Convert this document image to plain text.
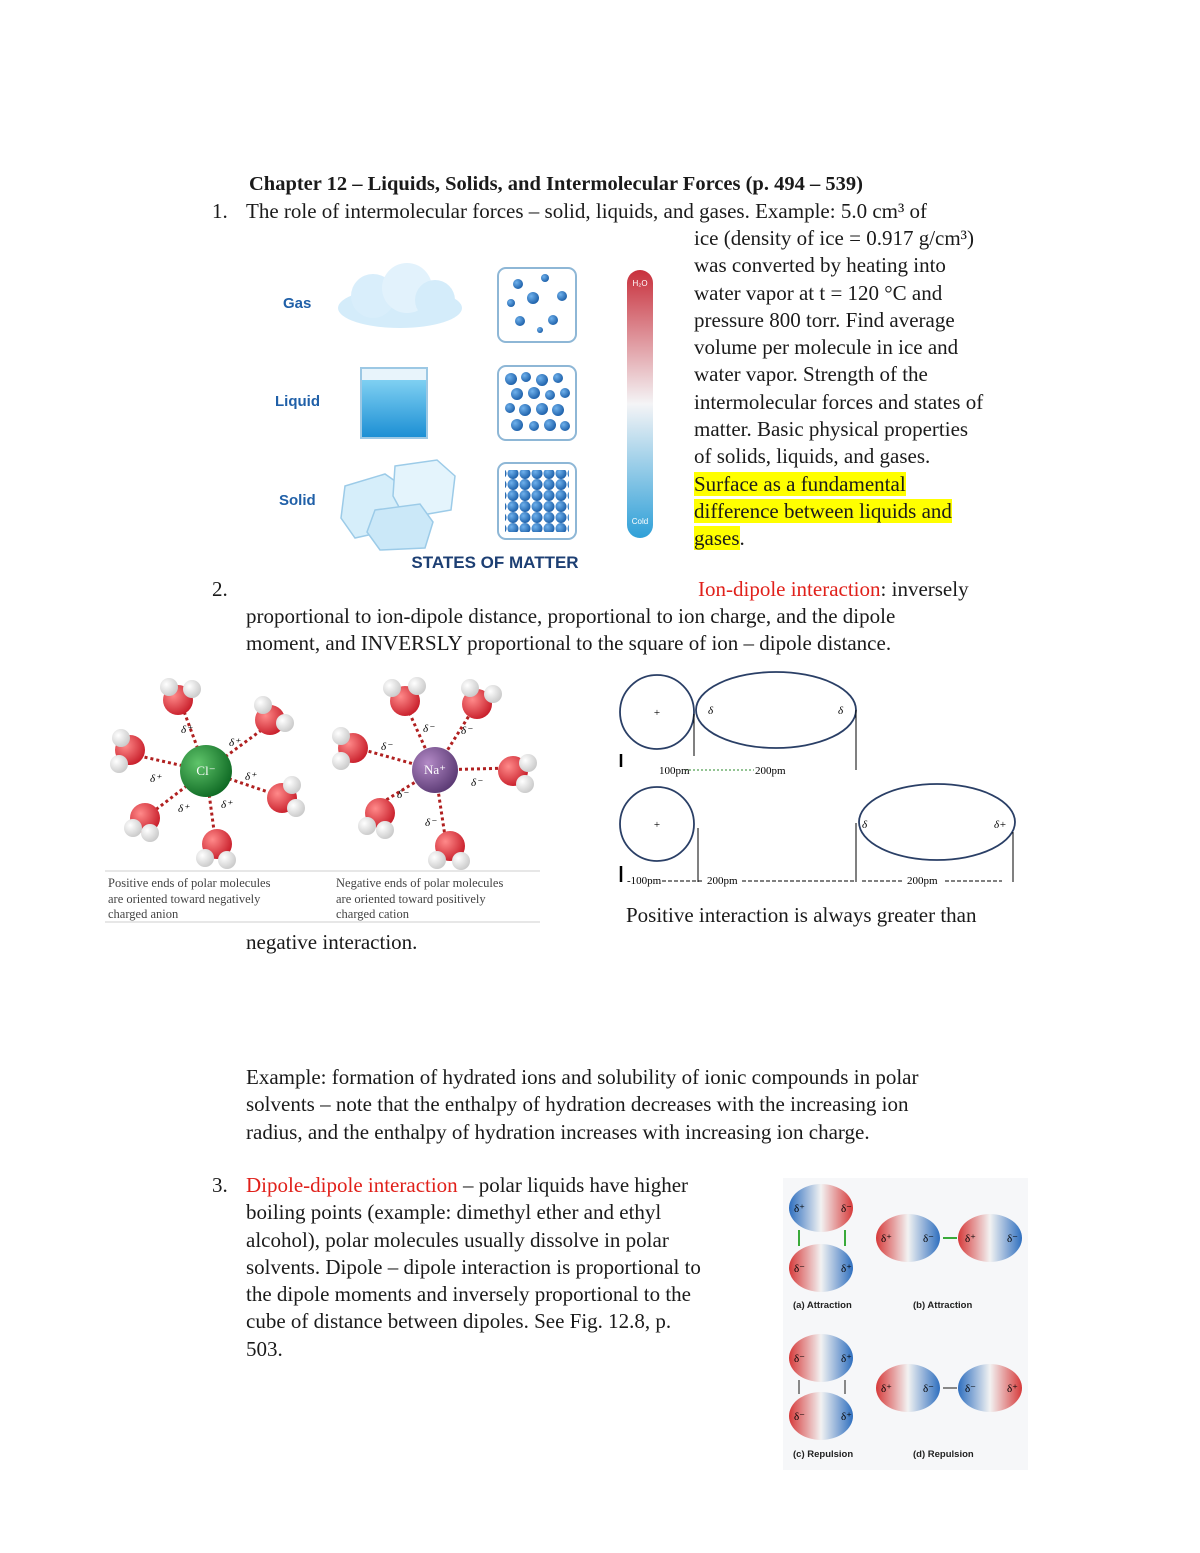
Chapter 12 – Liquids, Solids, and Intermolecular Forces (p. 494 – 539)
1. The role of intermolecular forces – solid, liquids, and gases. Example: 5.0 cm³ of
ice (density of ice = 0.917 g/cm³)
was converted by heating into
water vapor at t = 120 °C and
pressure 800 torr. Find average
volume per molecule in ice and
water vapor. Strength of the
intermolecular forces and states of
matter. Basic physical properties
of solids, liquids, and gases.
Surface as a fundamental
difference between liquids and
gases.
Gas
Liquid
Solid
H₂O
Cold
STATES OF MATTER
2.	Ion-dipole interaction: inversely
proportional to ion-dipole distance, proportional to ion charge, and the dipole
moment, and INVERSLY proportional to the square of ion – dipole distance.
Cl⁻
δ⁺
δ⁺
δ⁺	δ⁺
δ⁺	δ⁺
Na⁺
δ⁻ δ⁻
δ⁻
δ⁻
δ⁻
δ⁻
Positive ends of polar molecules
are oriented toward negatively
charged anion
Negative ends of polar molecules
are oriented toward positively
charged cation
+	δ	δ
100pm	200pm
+	δ	δ+
-100pm	200pm	200pm
Positive interaction is always greater than
negative interaction.
Example: formation of hydrated ions and solubility of ionic compounds in polar
solvents – note that the enthalpy of hydration decreases with the increasing ion
radius, and the enthalpy of hydration increases with increasing ion charge.
3. Dipole-dipole interaction – polar liquids have higher
boiling points (example: dimethyl ether and ethyl
alcohol), polar molecules usually dissolve in polar
solvents. Dipole – dipole interaction is proportional to
the dipole moments and inversely proportional to the
cube of distance between dipoles. See Fig. 12.8, p.
503.
δ⁺	δ⁻
δ⁻	δ⁺
(a) Attraction
δ⁺	δ⁻	δ⁺	δ⁻
(b) Attraction
δ⁻	δ⁺
δ⁻	δ⁺
(c) Repulsion
δ⁺	δ⁻	δ⁻	δ⁺
(d) Repulsion
